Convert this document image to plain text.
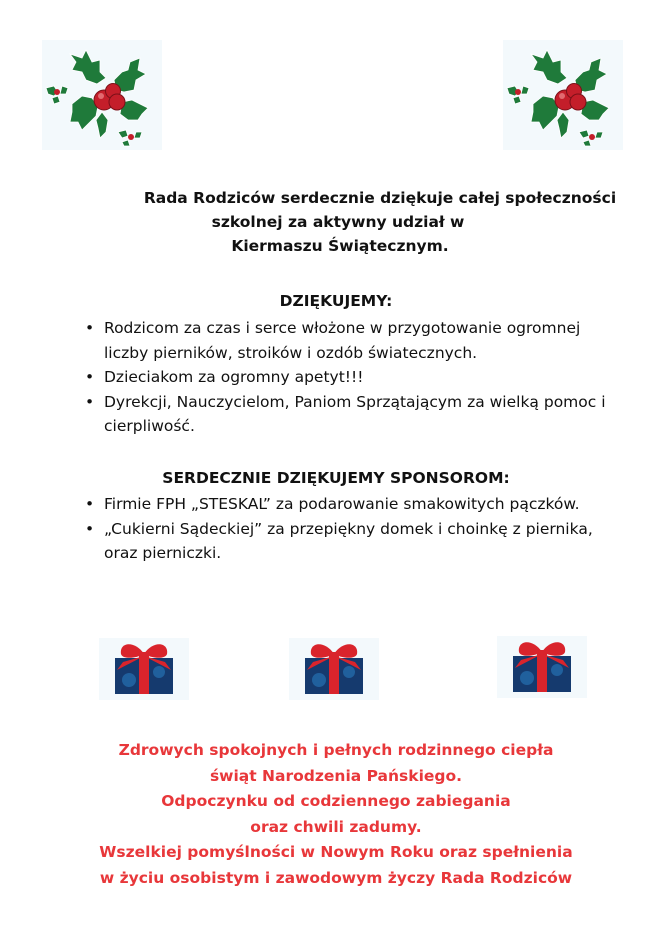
Rada Rodziców serdecznie dziękuje całej społeczności
szkolnej za aktywny udział w
Kiermaszu Świątecznym.
DZIĘKUJEMY:
• Rodzicom za czas i serce włożone w przygotowanie ogromnej liczby pierników, stroików i ozdób światecznych.
• Dzieciakom za ogromny apetyt!!!
• Dyrekcji, Nauczycielom, Paniom Sprzątającym za wielką pomoc i cierpliwość.
SERDECZNIE DZIĘKUJEMY SPONSOROM:
• Firmie FPH „STESKAL” za podarowanie smakowitych pączków.
• „Cukierni Sądeckiej” za przepiękny domek i choinkę z piernika, oraz pierniczki.
Zdrowych spokojnych i pełnych rodzinnego ciepła
świąt Narodzenia Pańskiego.
Odpoczynku od codziennego zabiegania
oraz chwili zadumy.
Wszelkiej pomyślności w Nowym Roku oraz spełnienia
w życiu osobistym i zawodowym życzy Rada Rodziców
